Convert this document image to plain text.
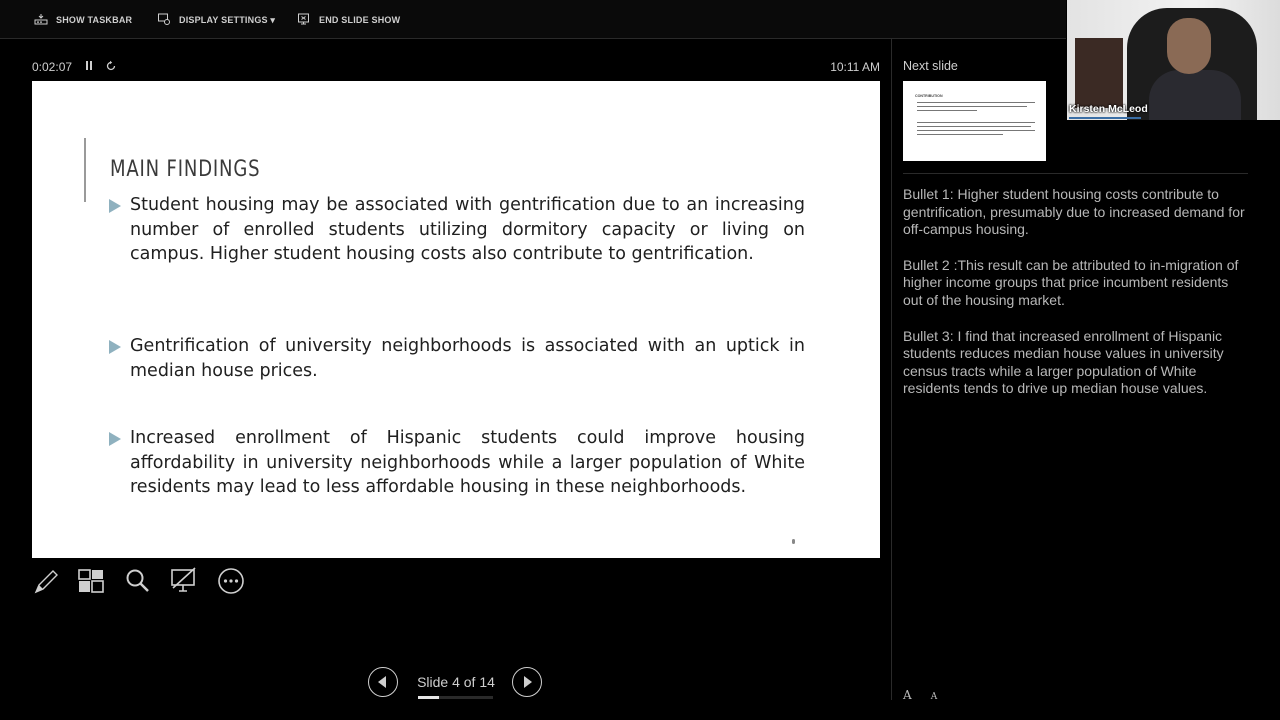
SHOW TASKBAR	DISPLAY SETTINGS ▾	END SLIDE SHOW
0:02:07	10:11 AM
MAIN FINDINGS
Student housing may be associated with gentrification due to an increasing number of enrolled students utilizing dormitory capacity or living on campus. Higher student housing costs also contribute to gentrification.
Gentrification of university neighborhoods is associated with an uptick in median house prices.
Increased enrollment of Hispanic students could improve housing affordability in university neighborhoods while a larger population of White residents may lead to less affordable housing in these neighborhoods.
Slide 4 of 14
Next slide
CONTRIBUTION

Bullet 1: Higher student housing costs contribute to gentrification, presumably due to increased demand for off-campus housing.

Bullet 2 :This result can be attributed to in-migration of higher income groups that price incumbent residents out of the housing market.

Bullet 3: I find that increased enrollment of Hispanic students reduces median house values in university census tracts while a larger population of White residents tends to drive up median house values.

A A
Kirsten McLeod
